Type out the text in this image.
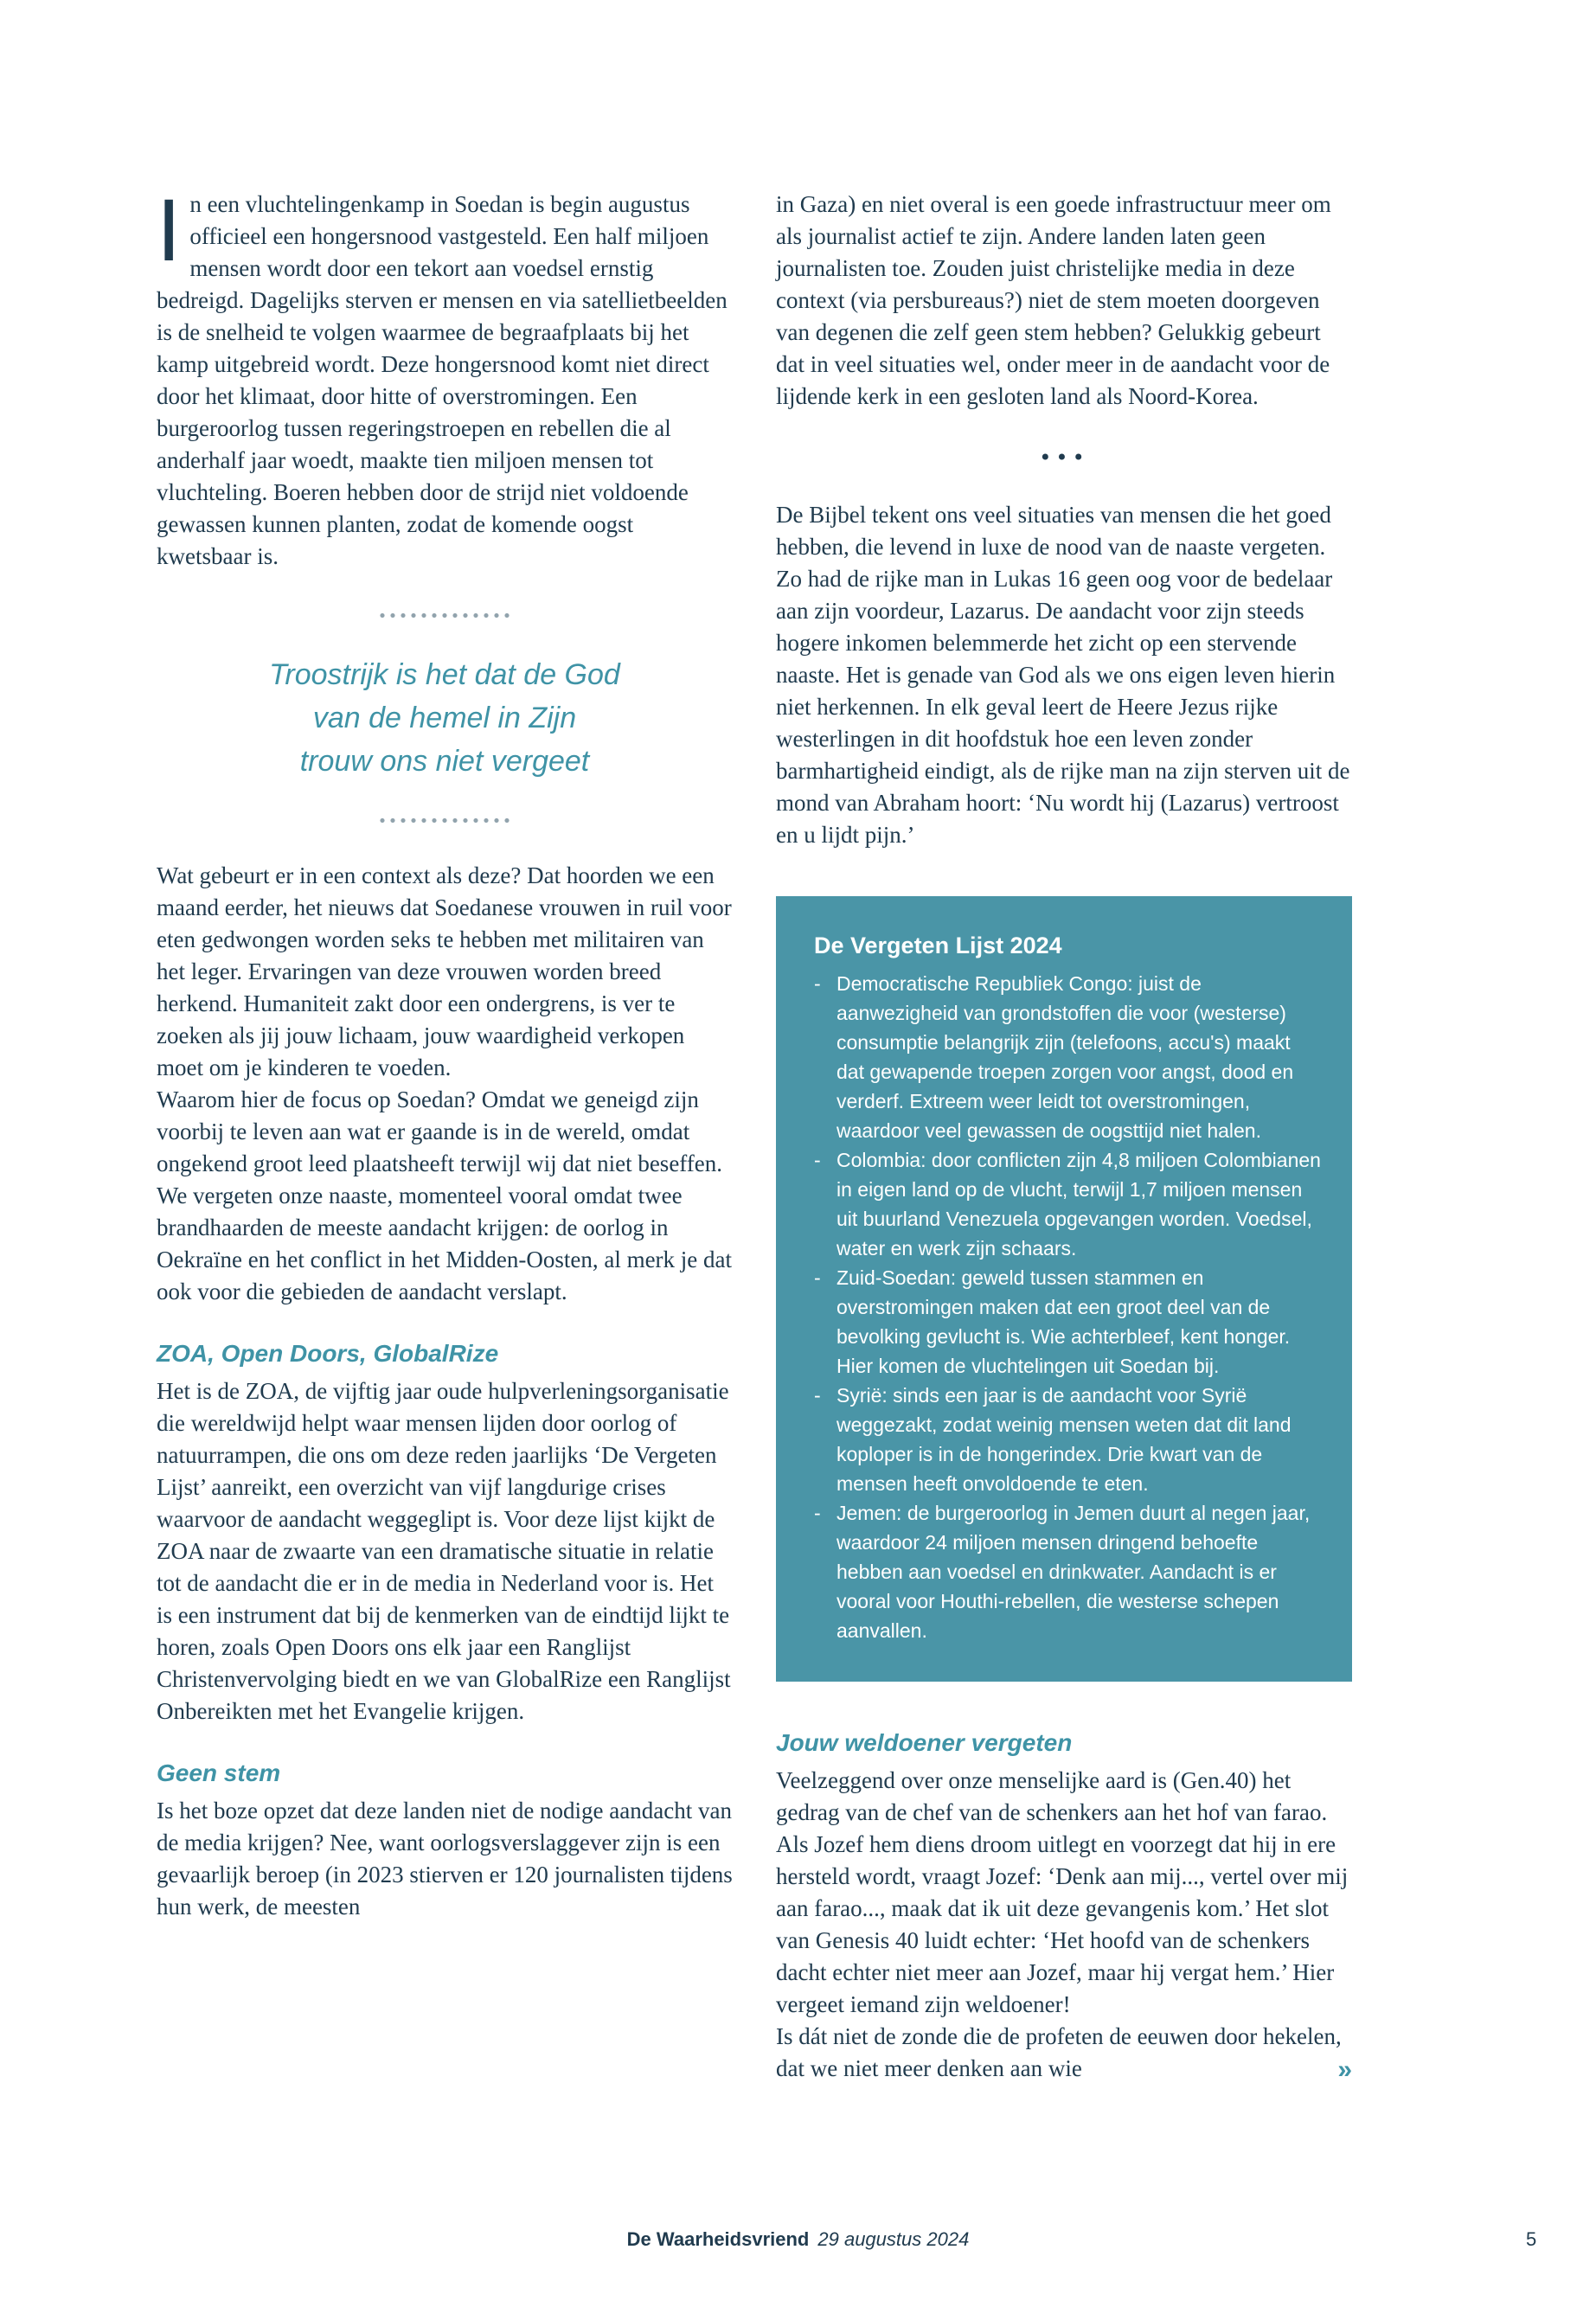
In een vluchtelingenkamp in Soedan is begin augustus officieel een hongersnood vastgesteld. Een half miljoen mensen wordt door een tekort aan voedsel ernstig bedreigd. Dagelijks sterven er mensen en via satellietbeelden is de snelheid te volgen waarmee de begraafplaats bij het kamp uitgebreid wordt. Deze hongersnood komt niet direct door het klimaat, door hitte of overstromingen. Een burgeroorlog tussen regeringstroepen en rebellen die al anderhalf jaar woedt, maakte tien miljoen mensen tot vluchteling. Boeren hebben door de strijd niet voldoende gewassen kunnen planten, zodat de komende oogst kwetsbaar is.

Troostrijk is het dat de God
van de hemel in Zijn
trouw ons niet vergeet

Wat gebeurt er in een context als deze? Dat hoorden we een maand eerder, het nieuws dat Soedanese vrouwen in ruil voor eten gedwongen worden seks te hebben met militairen van het leger. Ervaringen van deze vrouwen worden breed herkend. Humaniteit zakt door een ondergrens, is ver te zoeken als jij jouw lichaam, jouw waardigheid verkopen moet om je kinderen te voeden.

Waarom hier de focus op Soedan? Omdat we geneigd zijn voorbij te leven aan wat er gaande is in de wereld, omdat ongekend groot leed plaatsheeft terwijl wij dat niet beseffen. We vergeten onze naaste, momenteel vooral omdat twee brandhaarden de meeste aandacht krijgen: de oorlog in Oekraïne en het conflict in het Midden-Oosten, al merk je dat ook voor die gebieden de aandacht verslapt.

ZOA, Open Doors, GlobalRize

Het is de ZOA, de vijftig jaar oude hulpverleningsorganisatie die wereldwijd helpt waar mensen lijden door oorlog of natuurrampen, die ons om deze reden jaarlijks ‘De Vergeten Lijst’ aanreikt, een overzicht van vijf langdurige crises waarvoor de aandacht weggeglipt is. Voor deze lijst kijkt de ZOA naar de zwaarte van een dramatische situatie in relatie tot de aandacht die er in de media in Nederland voor is. Het is een instrument dat bij de kenmerken van de eindtijd lijkt te horen, zoals Open Doors ons elk jaar een Ranglijst Christenvervolging biedt en we van GlobalRize een Ranglijst Onbereikten met het Evangelie krijgen.

Geen stem

Is het boze opzet dat deze landen niet de nodige aandacht van de media krijgen? Nee, want oorlogsverslaggever zijn is een gevaarlijk beroep (in 2023 stierven er 120 journalisten tijdens hun werk, de meesten

in Gaza) en niet overal is een goede infrastructuur meer om als journalist actief te zijn. Andere landen laten geen journalisten toe. Zouden juist christelijke media in deze context (via persbureaus?) niet de stem moeten doorgeven van degenen die zelf geen stem hebben? Gelukkig gebeurt dat in veel situaties wel, onder meer in de aandacht voor de lijdende kerk in een gesloten land als Noord-Korea.

•••

De Bijbel tekent ons veel situaties van mensen die het goed hebben, die levend in luxe de nood van de naaste vergeten. Zo had de rijke man in Lukas 16 geen oog voor de bedelaar aan zijn voordeur, Lazarus. De aandacht voor zijn steeds hogere inkomen belemmerde het zicht op een stervende naaste. Het is genade van God als we ons eigen leven hierin niet herkennen. In elk geval leert de Heere Jezus rijke westerlingen in dit hoofdstuk hoe een leven zonder barmhartigheid eindigt, als de rijke man na zijn sterven uit de mond van Abraham hoort: ‘Nu wordt hij (Lazarus) vertroost en u lijdt pijn.’

De Vergeten Lijst 2024
- Democratische Republiek Congo: juist de aanwezigheid van grondstoffen die voor (westerse) consumptie belangrijk zijn (telefoons, accu's) maakt dat gewapende troepen zorgen voor angst, dood en verderf. Extreem weer leidt tot overstromingen, waardoor veel gewassen de oogsttijd niet halen.
- Colombia: door conflicten zijn 4,8 miljoen Colombianen in eigen land op de vlucht, terwijl 1,7 miljoen mensen uit buurland Venezuela opgevangen worden. Voedsel, water en werk zijn schaars.
- Zuid-Soedan: geweld tussen stammen en overstromingen maken dat een groot deel van de bevolking gevlucht is. Wie achterbleef, kent honger. Hier komen de vluchtelingen uit Soedan bij.
- Syrië: sinds een jaar is de aandacht voor Syrië weggezakt, zodat weinig mensen weten dat dit land koploper is in de hongerindex. Drie kwart van de mensen heeft onvoldoende te eten.
- Jemen: de burgeroorlog in Jemen duurt al negen jaar, waardoor 24 miljoen mensen dringend behoefte hebben aan voedsel en drinkwater. Aandacht is er vooral voor Houthi-rebellen, die westerse schepen aanvallen.
Jouw weldoener vergeten

Veelzeggend over onze menselijke aard is (Gen.40) het gedrag van de chef van de schenkers aan het hof van farao. Als Jozef hem diens droom uitlegt en voorzegt dat hij in ere hersteld wordt, vraagt Jozef: ‘Denk aan mij..., vertel over mij aan farao..., maak dat ik uit deze gevangenis kom.’ Het slot van Genesis 40 luidt echter: ‘Het hoofd van de schenkers dacht echter niet meer aan Jozef, maar hij vergat hem.’ Hier vergeet iemand zijn weldoener!

Is dát niet de zonde die de profeten de eeuwen door hekelen, dat we niet meer denken aan wie	»

De Waarheidsvriend 29 augustus 2024	5
